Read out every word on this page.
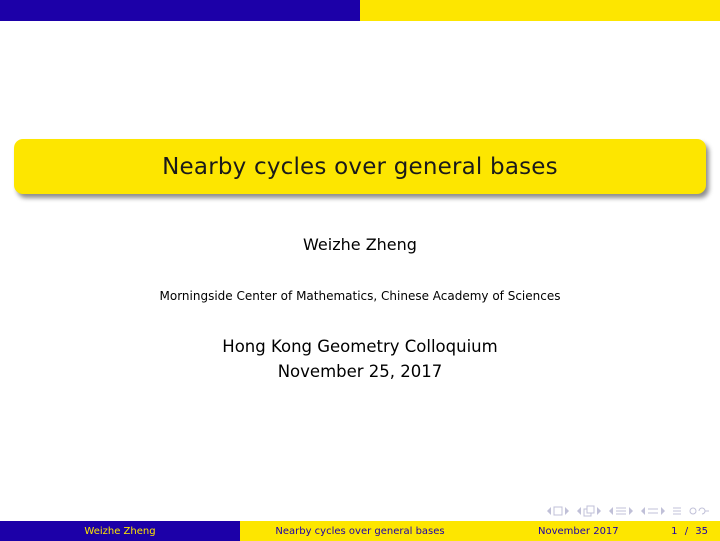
Nearby cycles over general bases
Weizhe Zheng
Morningside Center of Mathematics, Chinese Academy of Sciences
Hong Kong Geometry Colloquium
November 25, 2017
Weizhe Zheng	Nearby cycles over general bases	November 2017	1 / 35
